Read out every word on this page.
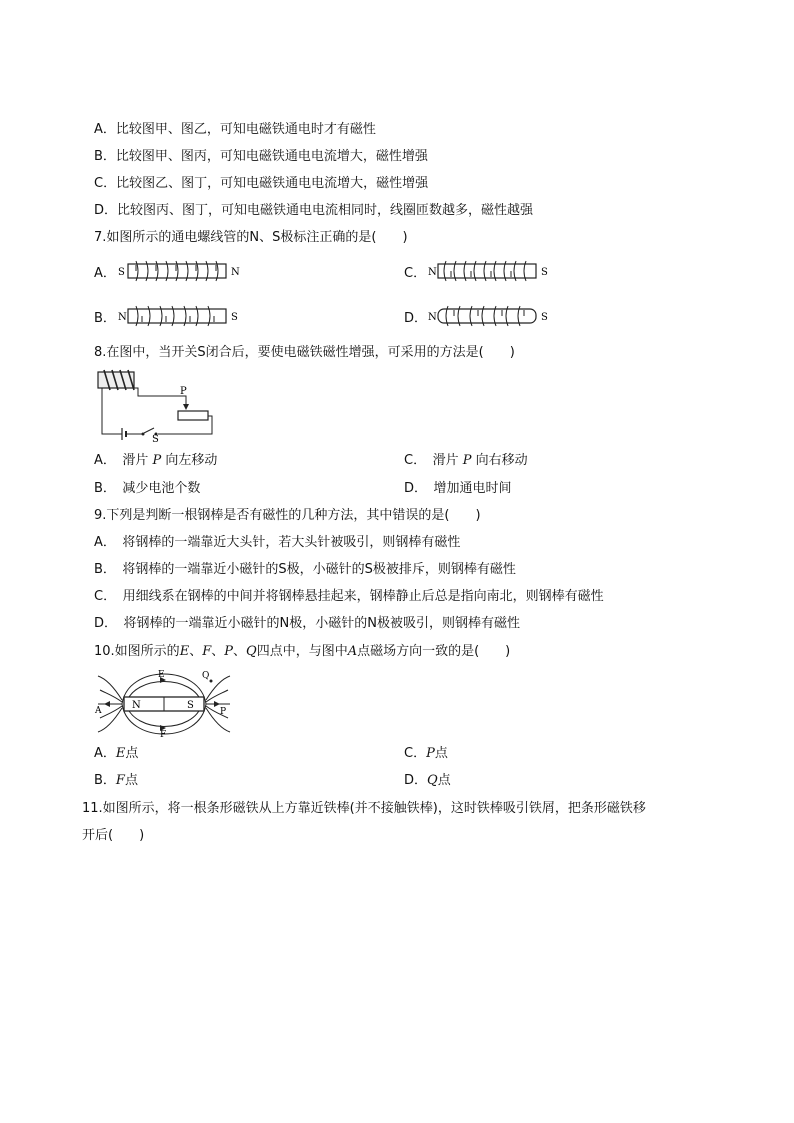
A．比较图甲、图乙，可知电磁铁通电时才有磁性
B．比较图甲、图丙，可知电磁铁通电电流增大，磁性增强
C．比较图乙、图丁，可知电磁铁通电电流增大，磁性增强
D．比较图丙、图丁，可知电磁铁通电电流相同时，线圈匝数越多，磁性越强
7.如图所示的通电螺线管的N、S极标注正确的是(　　)
A． S	N	C． N	S
B． N	S	D． N	S
8.在图中，当开关S闭合后，要使电磁铁磁性增强，可采用的方法是(　　)
P
S
A．　滑片 P 向左移动	C．　滑片 P 向右移动
B．　减少电池个数	D．　增加通电时间
9.下列是判断一根钢棒是否有磁性的几种方法，其中错误的是(　　)
A．　将钢棒的一端靠近大头针，若大头针被吸引，则钢棒有磁性
B．　将钢棒的一端靠近小磁针的S极，小磁针的S极被排斥，则钢棒有磁性
C．　用细线系在钢棒的中间并将钢棒悬挂起来，钢棒静止后总是指向南北，则钢棒有磁性
D．　将钢棒的一端靠近小磁针的N极，小磁针的N极被吸引，则钢棒有磁性
10.如图所示的E、F、P、Q四点中，与图中A点磁场方向一致的是(　　)
N	S
E
F
Q
A	P
A．E点	C．P点
B．F点	D．Q点
11.如图所示，将一根条形磁铁从上方靠近铁棒(并不接触铁棒)，这时铁棒吸引铁屑，把条形磁铁移
开后(　　)
